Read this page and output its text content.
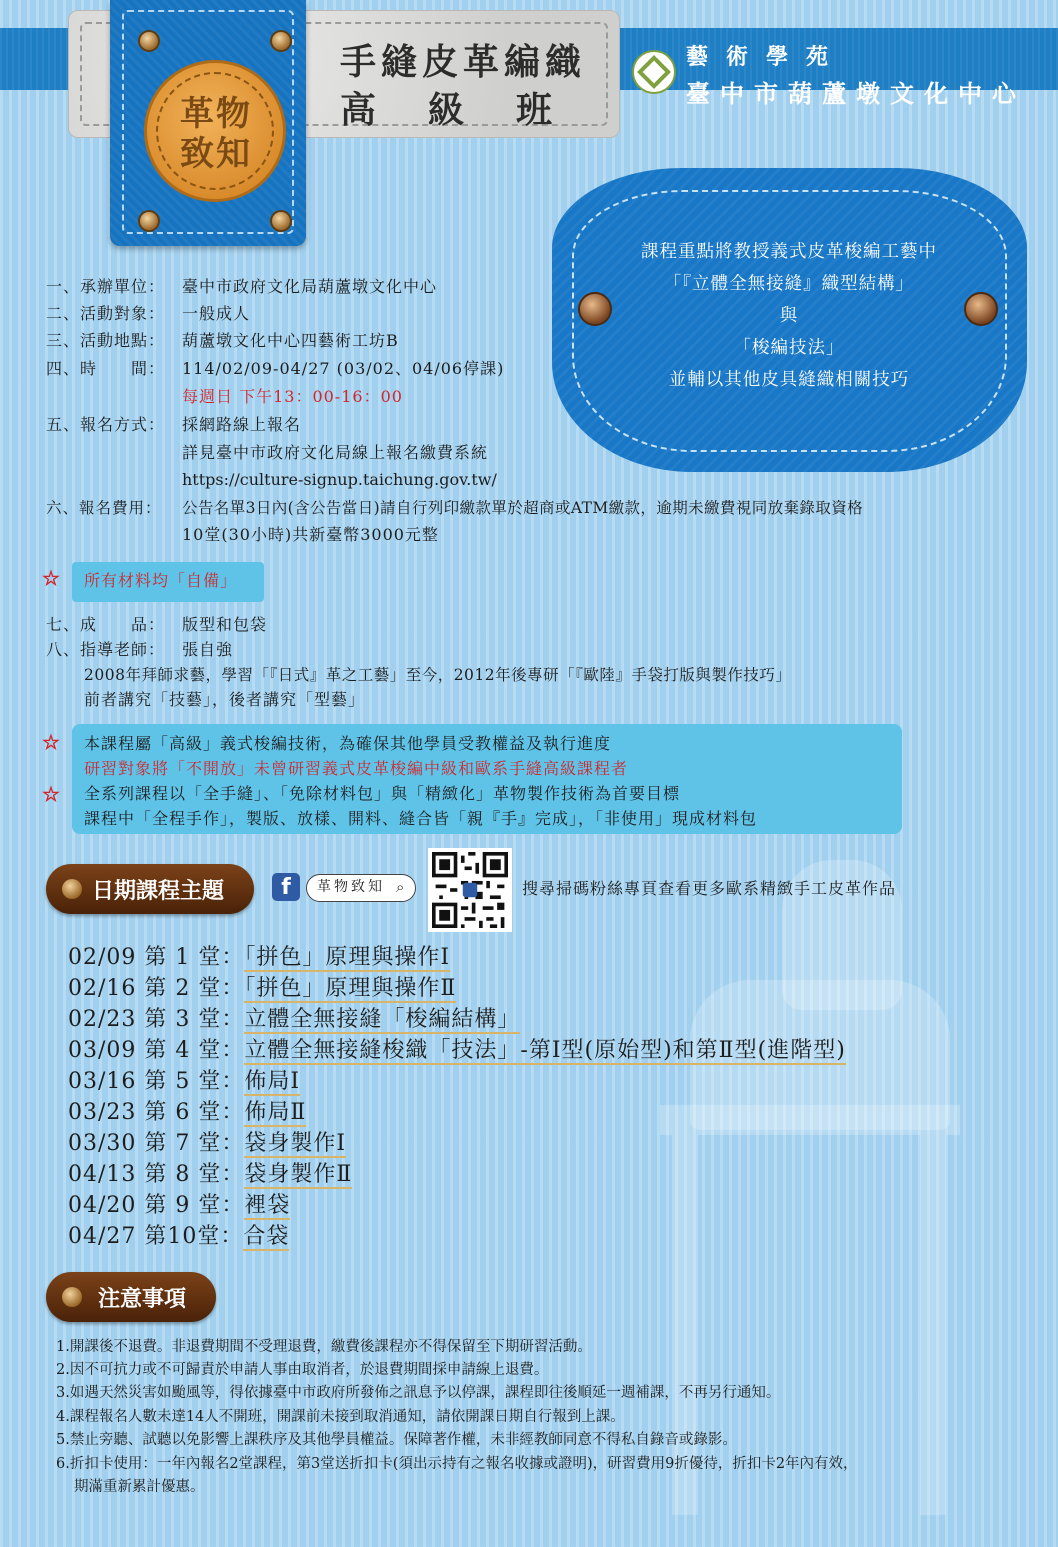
手縫皮革編織
高級班
革物致知
藝術學苑
臺中市葫蘆墩文化中心
課程重點將教授義式皮革梭編工藝中
「『立體全無接縫』織型結構」
與
「梭編技法」
並輔以其他皮具縫織相關技巧
一、承辦單位： 臺中市政府文化局葫蘆墩文化中心
二、活動對象： 一般成人
三、活動地點： 葫蘆墩文化中心四藝術工坊B
四、時　　間： 114/02/09-04/27 (03/02、04/06停課)
每週日 下午13：00-16：00
五、報名方式： 採網路線上報名
詳見臺中市政府文化局線上報名繳費系統
https://culture-signup.taichung.gov.tw/
六、報名費用： 公告名單3日內(含公告當日)請自行列印繳款單於超商或ATM繳款，逾期未繳費視同放棄錄取資格
10堂(30小時)共新臺幣3000元整
☆ 所有材料均「自備」
七、成　　品： 版型和包袋
八、指導老師： 張自強
2008年拜師求藝，學習「『日式』革之工藝」至今，2012年後專研「『歐陸』手袋打版與製作技巧」
前者講究「技藝」，後者講究「型藝」
☆
☆
本課程屬「高級」義式梭編技術，為確保其他學員受教權益及執行進度
研習對象將「不開放」未曾研習義式皮革梭編中級和歐系手縫高級課程者
全系列課程以「全手縫」、「免除材料包」與「精緻化」革物製作技術為首要目標
課程中「全程手作」，製版、放樣、開料、縫合皆「親『手』完成」，「非使用」現成材料包
日期課程主題	f	革物致知 ⌕	搜尋掃碼粉絲專頁查看更多歐系精緻手工皮革作品
02/09 第 1 堂：「拼色」原理與操作Ⅰ
02/16 第 2 堂：「拼色」原理與操作Ⅱ
02/23 第 3 堂：立體全無接縫「梭編結構」
03/09 第 4 堂：立體全無接縫梭織「技法」-第Ⅰ型(原始型)和第Ⅱ型(進階型)
03/16 第 5 堂：佈局Ⅰ
03/23 第 6 堂：佈局Ⅱ
03/30 第 7 堂：袋身製作Ⅰ
04/13 第 8 堂：袋身製作Ⅱ
04/20 第 9 堂：裡袋
04/27 第10堂：合袋
注意事項
1.開課後不退費。非退費期間不受理退費，繳費後課程亦不得保留至下期研習活動。
2.因不可抗力或不可歸責於申請人事由取消者，於退費期間採申請線上退費。
3.如遇天然災害如颱風等，得依據臺中市政府所發佈之訊息予以停課，課程即往後順延一週補課，不再另行通知。
4.課程報名人數未達14人不開班，開課前未接到取消通知，請依開課日期自行報到上課。
5.禁止旁聽、試聽以免影響上課秩序及其他學員權益。保障著作權，未非經教師同意不得私自錄音或錄影。
6.折扣卡使用：一年內報名2堂課程，第3堂送折扣卡(須出示持有之報名收據或證明)，研習費用9折優待，折扣卡2年內有效，
期滿重新累計優惠。
